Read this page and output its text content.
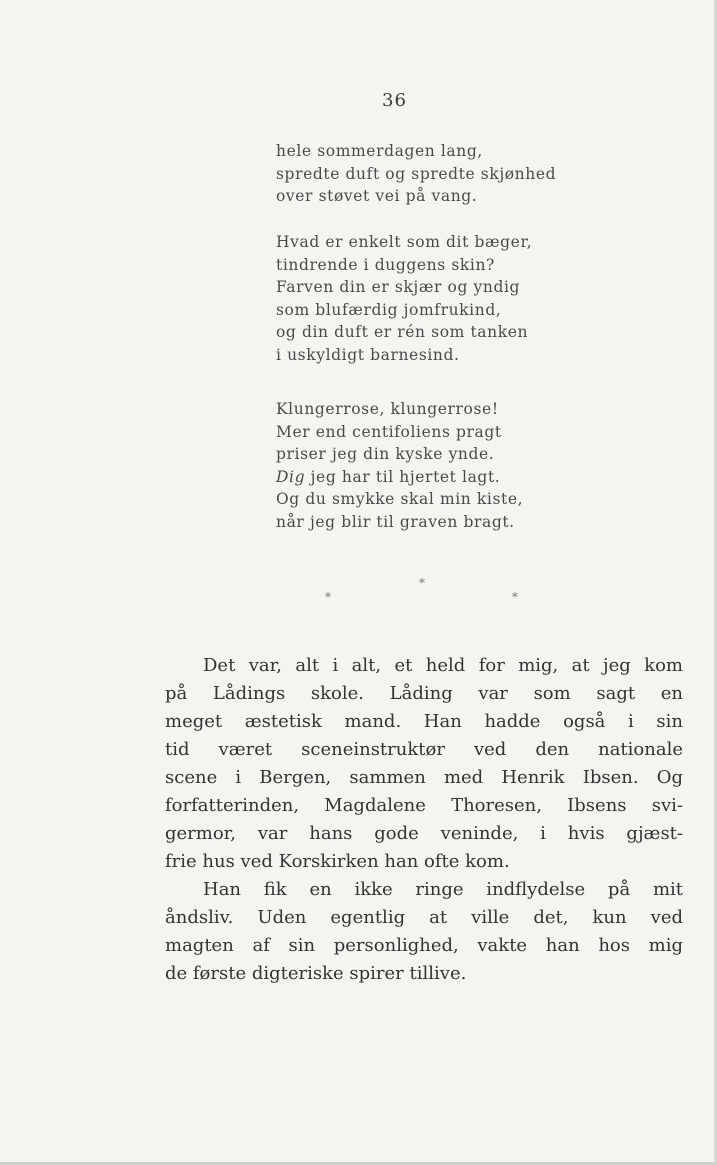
36
hele sommerdagen lang,
spredte duft og spredte skjønhed
over støvet vei på vang.
Hvad er enkelt som dit bæger,
tindrende i duggens skin?
Farven din er skjær og yndig
som blufærdig jomfrukind,
og din duft er rén som tanken
i uskyldigt barnesind.
Klungerrose, klungerrose!
Mer end centifoliens pragt
priser jeg din kyske ynde.
Dig jeg har til hjertet lagt.
Og du smykke skal min kiste,
når jeg blir til graven bragt.
*
*	*
Det var, alt i alt, et held for mig, at jeg kom
på Lådings skole. Låding var som sagt en
meget æstetisk mand. Han hadde også i sin
tid været sceneinstruktør ved den nationale
scene i Bergen, sammen med Henrik Ibsen. Og
forfatterinden, Magdalene Thoresen, Ibsens svi-
germor, var hans gode veninde, i hvis gjæst-
frie hus ved Korskirken han ofte kom.
Han fik en ikke ringe indflydelse på mit
åndsliv. Uden egentlig at ville det, kun ved
magten af sin personlighed, vakte han hos mig
de første digteriske spirer tillive.
